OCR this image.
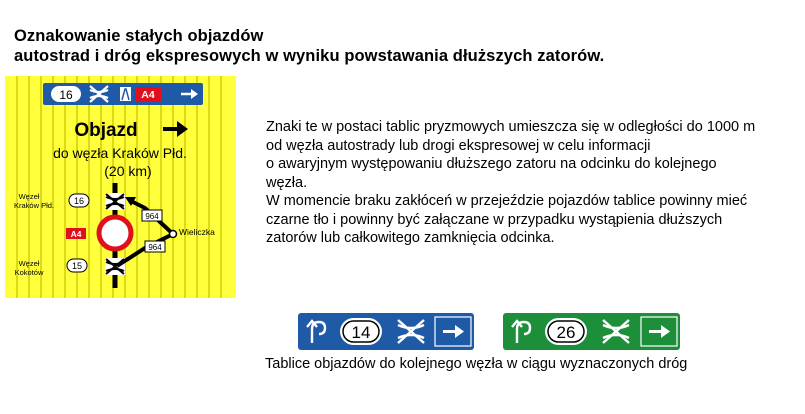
Oznakowanie stałych objazdów
autostrad i dróg ekspresowych w wyniku powstawania dłuższych zatorów.
16	A4
Objazd
do węzła Kraków Płd.
(20 km)
Węzeł
Kraków Płd. 16
Węzeł
Kokotów
15
A4
964
964
Wieliczka
Znaki te w postaci tablic pryzmowych umieszcza się w odległości do 1000 m
od węzła autostrady lub drogi ekspresowej w celu informacji
o awaryjnym występowaniu dłuższego zatoru na odcinku do kolejnego
węzła.
W momencie braku zakłóceń w przejeździe pojazdów tablice powinny mieć
czarne tło i powinny być załączane w przypadku wystąpienia dłuższych
zatorów lub całkowitego zamknięcia odcinka.
14	26
Tablice objazdów do kolejnego węzła w ciągu wyznaczonych dróg
